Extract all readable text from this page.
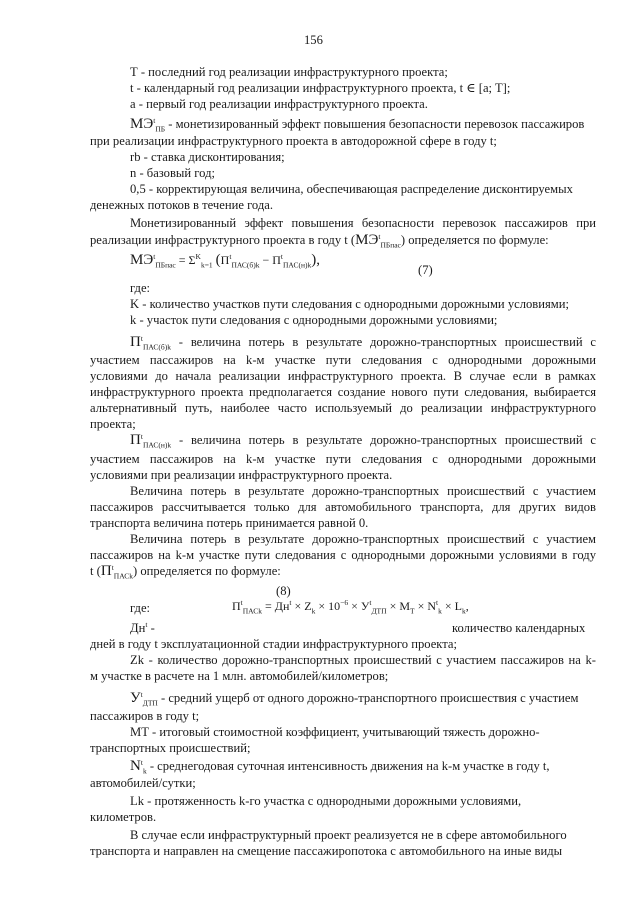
156
Т - последний год реализации инфраструктурного проекта;
t - календарный год реализации инфраструктурного проекта, t ∈ [a; T];
а - первый год реализации инфраструктурного проекта.
$МЭ^t_{ПБ}$ - монетизированный эффект повышения безопасности перевозок пассажиров
при реализации инфраструктурного проекта в автодорожной сфере в году t;
rb - ставка дисконтирования;
n - базовый год;
0,5 - корректирующая величина, обеспечивающая распределение дисконтируемых
денежных потоков в течение года.
Монетизированный эффект повышения безопасности перевозок пассажиров при
реализации инфраструктурного проекта в году t $(МЭ^t_{ПБпас})$ определяется по формуле:
$МЭ^t_{ПБпас} = \Sigma^K_{k=1}$ $(П^t_{ПАС(б)k} - П^t_{ПАС(н)k})$,
(7)
где:
K - количество участков пути следования с однородными дорожными условиями;
k - участок пути следования с однородными дорожными условиями;
$П^t_{ПАС(б)k}$ - величина потерь в результате дорожно-транспортных происшествий с
участием пассажиров на k-м участке пути следования с однородными дорожными
условиями до начала реализации инфраструктурного проекта. В случае если в рамках
инфраструктурного проекта предполагается создание нового пути следования, выбирается
альтернативный путь, наиболее часто используемый до реализации инфраструктурного
проекта;
$П^t_{ПАС(н)k}$ - величина потерь в результате дорожно-транспортных происшествий с
участием пассажиров на k-м участке пути следования с однородными дорожными
условиями при реализации инфраструктурного проекта.
Величина потерь в результате дорожно-транспортных происшествий с участием
пассажиров рассчитывается только для автомобильного транспорта, для других видов
транспорта величина потерь принимается равной 0.
Величина потерь в результате дорожно-транспортных происшествий с участием
пассажиров на k-м участке пути следования с однородными дорожными условиями в году
t $(П^t_{ПАСk})$ определяется по формуле:
(8)
где:	$П^t_{ПАСk} = Дн^t \times Z_k \times 10^{-6} \times У^t_{ДТП} \times М_Т \times N^t_k \times L_k$,
$Дн^t$ -	количество календарных
дней в году t эксплуатационной стадии инфраструктурного проекта;
Zk - количество дорожно-транспортных происшествий с участием пассажиров на k-
м участке в расчете на 1 млн. автомобилей/километров;
$У^t_{ДТП}$ - средний ущерб от одного дорожно-транспортного происшествия с участием
пассажиров в году t;
МТ - итоговый стоимостной коэффициент, учитывающий тяжесть дорожно-
транспортных происшествий;
$N^t_k$ - среднегодовая суточная интенсивность движения на k-м участке в году t,
автомобилей/сутки;
Lk - протяженность k-го участка с однородными дорожными условиями,
километров.
В случае если инфраструктурный проект реализуется не в сфере автомобильного
транспорта и направлен на смещение пассажиропотока с автомобильного на иные виды
